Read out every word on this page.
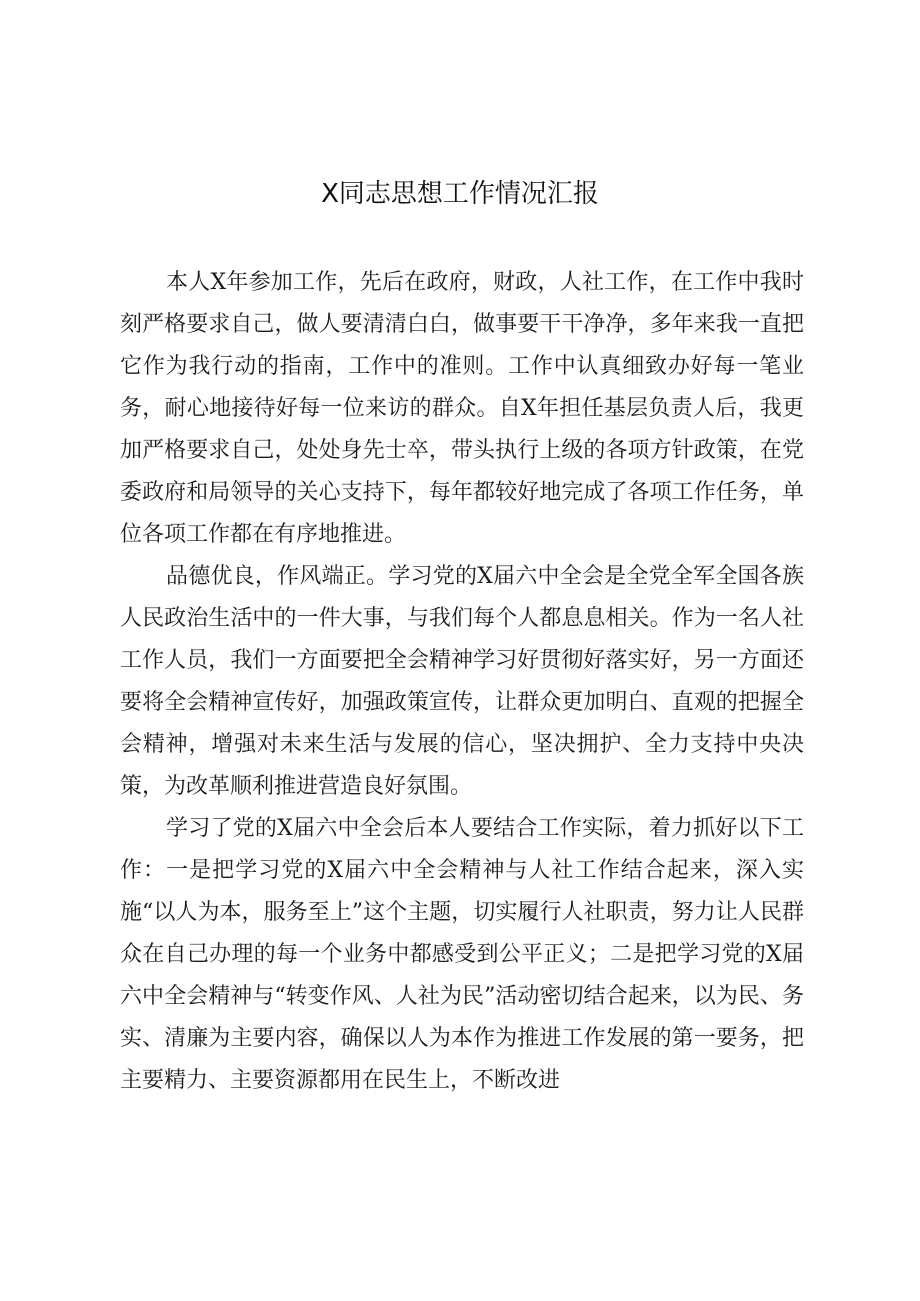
X同志思想工作情况汇报

本人X年参加工作，先后在政府，财政，人社工作，在工作中我时刻严格要求自己，做人要清清白白，做事要干干净净，多年来我一直把它作为我行动的指南，工作中的准则。工作中认真细致办好每一笔业务，耐心地接待好每一位来访的群众。自X年担任基层负责人后，我更加严格要求自己，处处身先士卒，带头执行上级的各项方针政策，在党委政府和局领导的关心支持下，每年都较好地完成了各项工作任务，单位各项工作都在有序地推进。

品德优良，作风端正。学习党的X届六中全会是全党全军全国各族人民政治生活中的一件大事，与我们每个人都息息相关。作为一名人社工作人员，我们一方面要把全会精神学习好贯彻好落实好，另一方面还要将全会精神宣传好，加强政策宣传，让群众更加明白、直观的把握全会精神，增强对未来生活与发展的信心，坚决拥护、全力支持中央决策，为改革顺利推进营造良好氛围。

学习了党的X届六中全会后本人要结合工作实际，着力抓好以下工作：一是把学习党的X届六中全会精神与人社工作结合起来，深入实施“以人为本，服务至上”这个主题，切实履行人社职责，努力让人民群众在自己办理的每一个业务中都感受到公平正义；二是把学习党的X届六中全会精神与“转变作风、人社为民”活动密切结合起来，以为民、务实、清廉为主要内容，确保以人为本作为推进工作发展的第一要务，把主要精力、主要资源都用在民生上，不断改进
